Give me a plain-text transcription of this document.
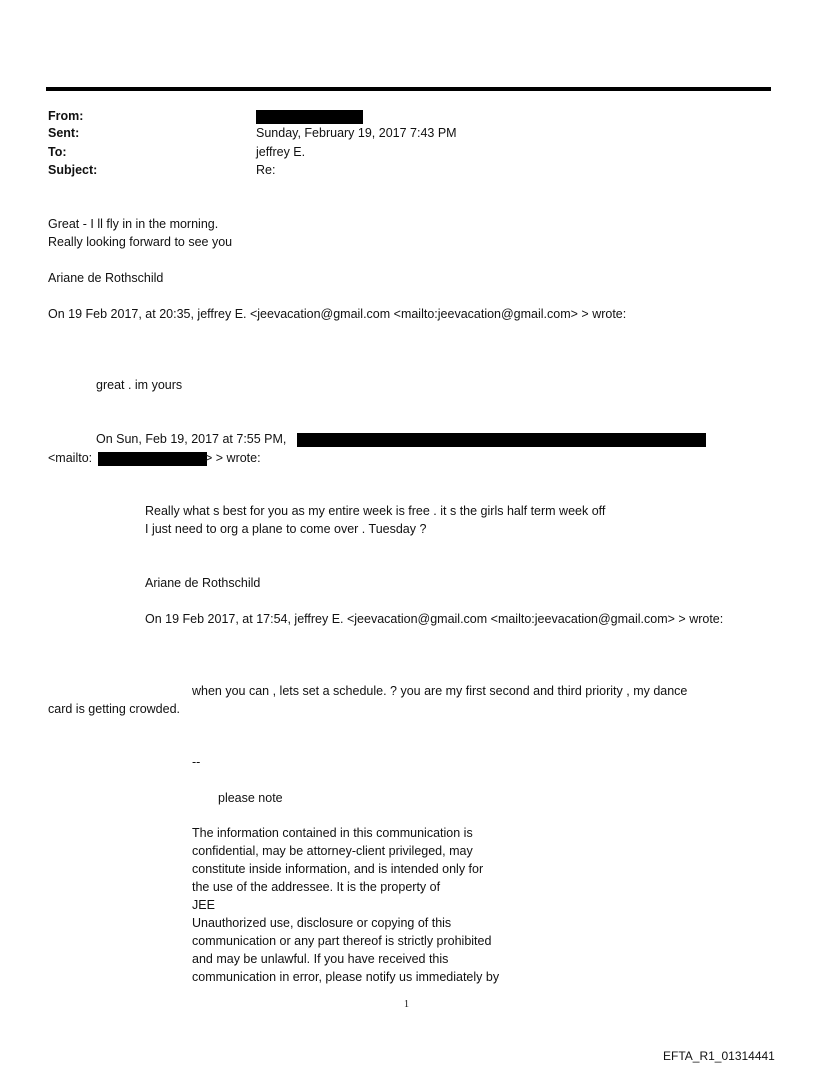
From:
Sent:	Sunday, February 19, 2017 7:43 PM
To:	jeffrey E.
Subject:	Re:
Great - I ll fly in in the morning.
Really looking forward to see you
Ariane de Rothschild
On 19 Feb 2017, at 20:35, jeffrey E. <jeevacation@gmail.com <mailto:jeevacation@gmail.com> > wrote:
great . im yours
On Sun, Feb 19, 2017 at 7:55 PM,
<mailto:	> > wrote:
Really what s best for you as my entire week is free . it s the girls half term week off
I just need to org a plane to come over . Tuesday ?
Ariane de Rothschild
On 19 Feb 2017, at 17:54, jeffrey E. <jeevacation@gmail.com <mailto:jeevacation@gmail.com> > wrote:
when you can , lets set a schedule. ? you are my first second and third priority , my dance
card is getting crowded.
--
please note
The information contained in this communication is
confidential, may be attorney-client privileged, may
constitute inside information, and is intended only for
the use of the addressee. It is the property of
JEE
Unauthorized use, disclosure or copying of this
communication or any part thereof is strictly prohibited
and may be unlawful. If you have received this
communication in error, please notify us immediately by
1
EFTA_R1_01314441
